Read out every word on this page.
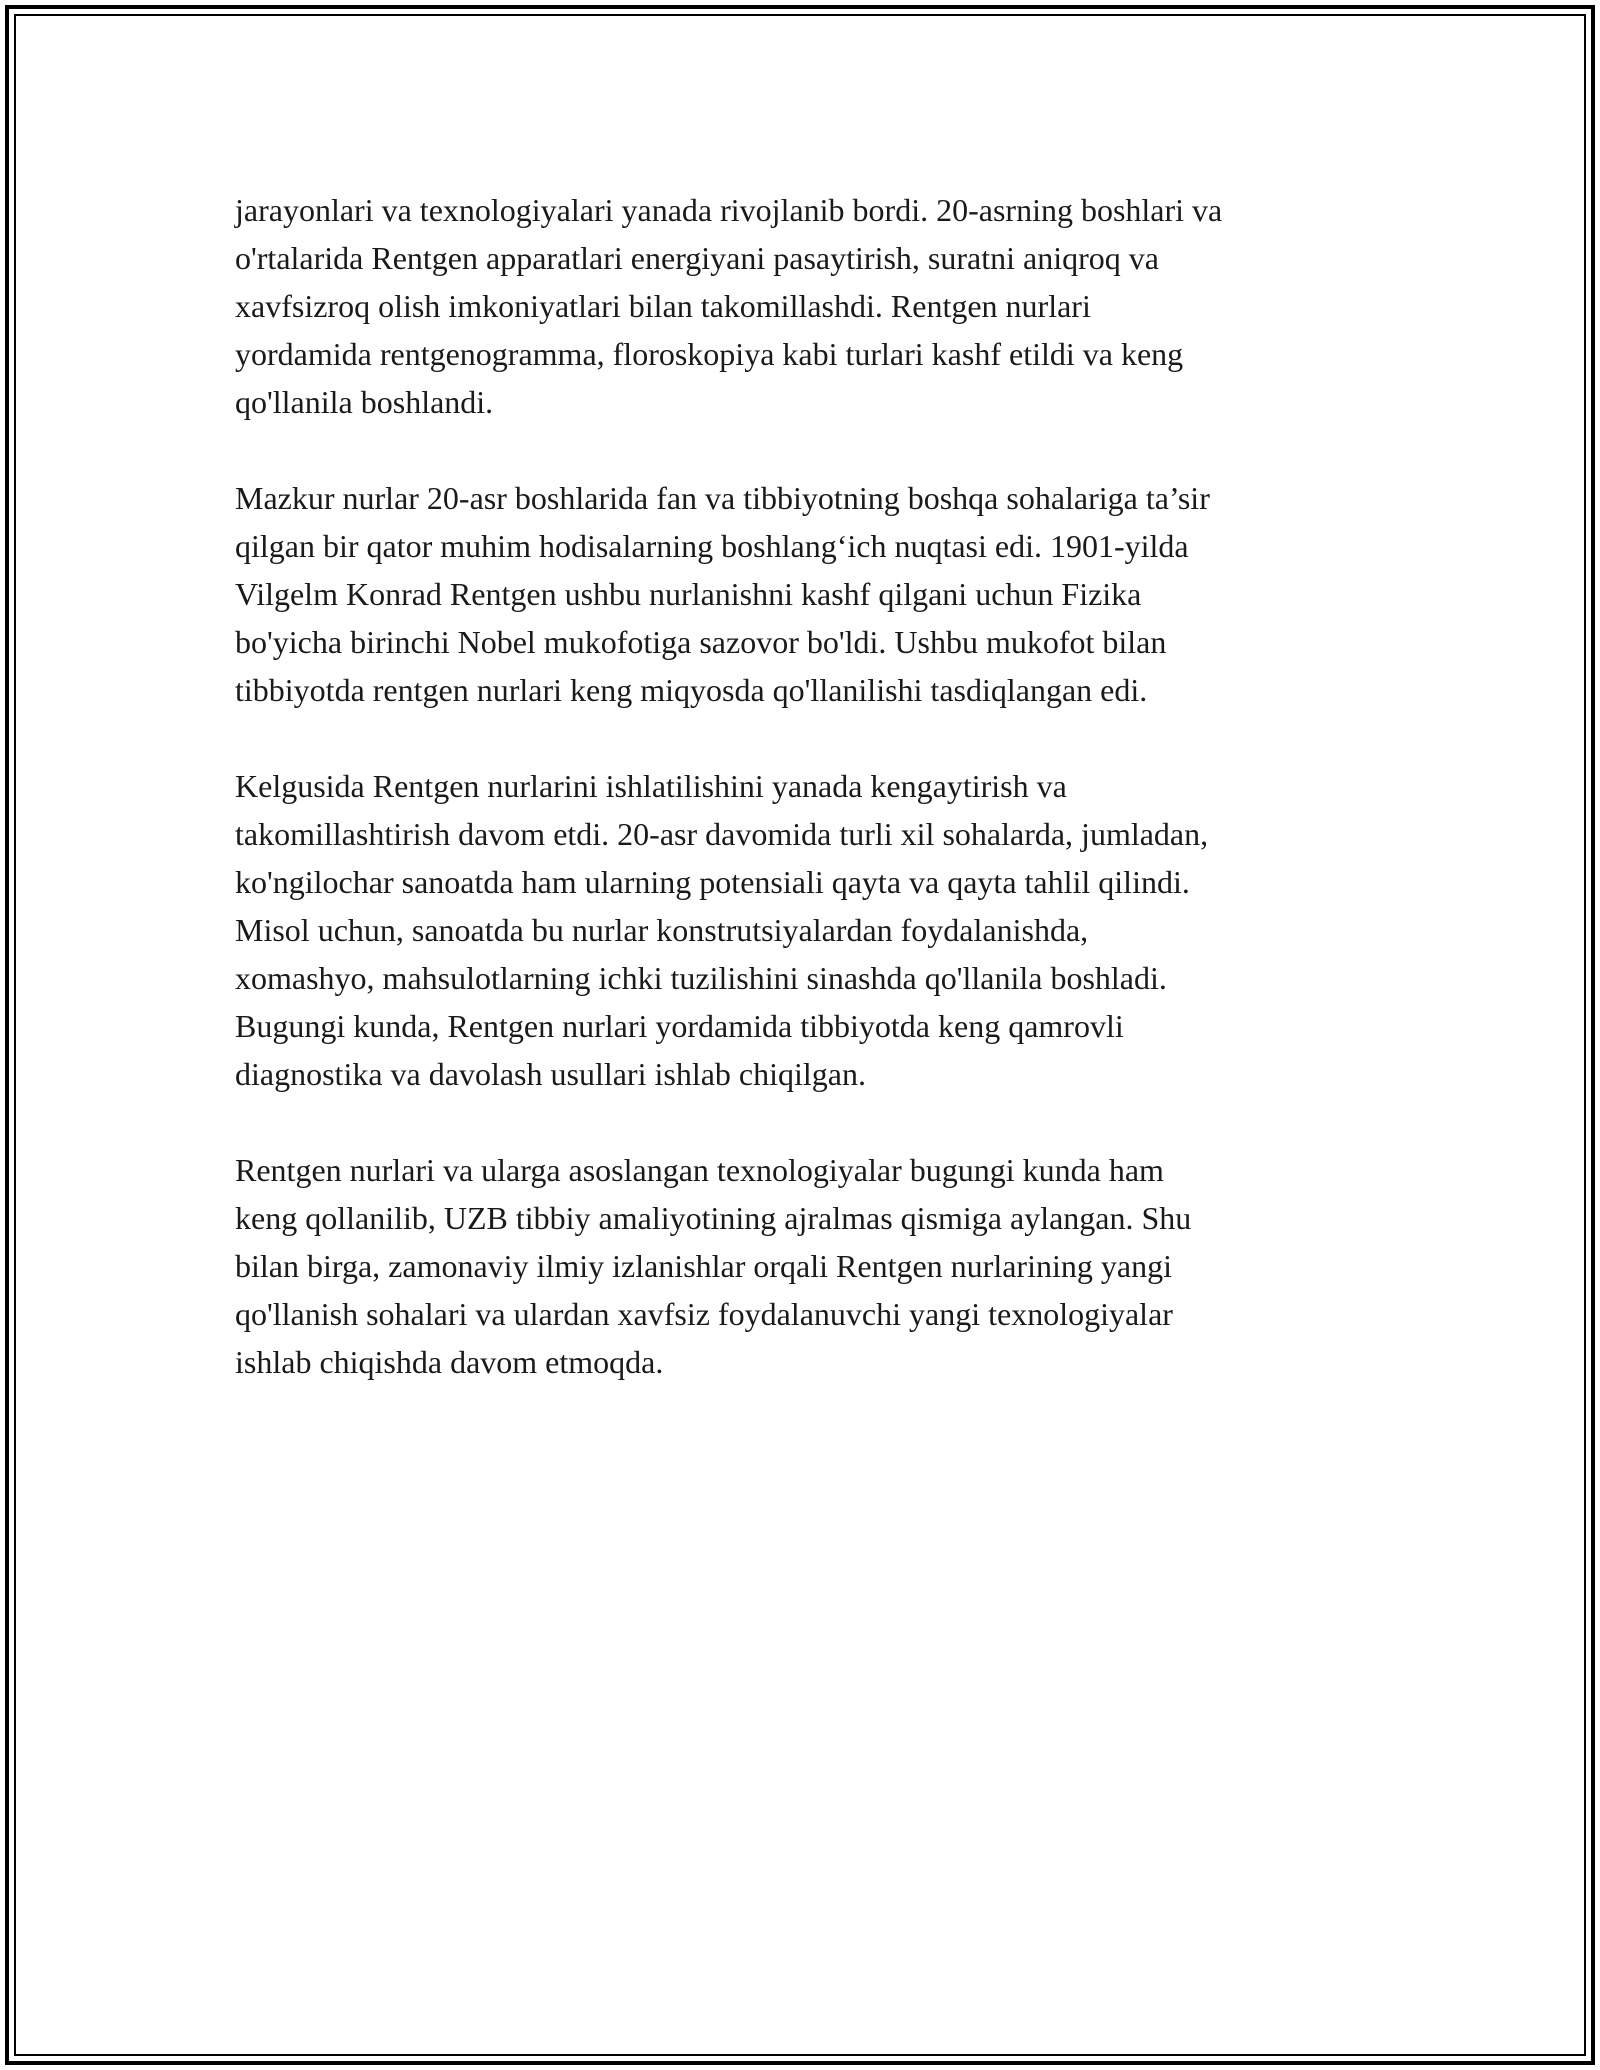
jarayonlari va texnologiyalari yanada rivojlanib bordi. 20-asrning boshlari va
o'rtalarida Rentgen apparatlari energiyani pasaytirish, suratni aniqroq va
xavfsizroq olish imkoniyatlari bilan takomillashdi. Rentgen nurlari
yordamida rentgenogramma, floroskopiya kabi turlari kashf etildi va keng
qo'llanila boshlandi.

Mazkur nurlar 20-asr boshlarida fan va tibbiyotning boshqa sohalariga ta’sir
qilgan bir qator muhim hodisalarning boshlang‘ich nuqtasi edi. 1901-yilda
Vilgelm Konrad Rentgen ushbu nurlanishni kashf qilgani uchun Fizika
bo'yicha birinchi Nobel mukofotiga sazovor bo'ldi. Ushbu mukofot bilan
tibbiyotda rentgen nurlari keng miqyosda qo'llanilishi tasdiqlangan edi.

Kelgusida Rentgen nurlarini ishlatilishini yanada kengaytirish va
takomillashtirish davom etdi. 20-asr davomida turli xil sohalarda, jumladan,
ko'ngilochar sanoatda ham ularning potensiali qayta va qayta tahlil qilindi.
Misol uchun, sanoatda bu nurlar konstrutsiyalardan foydalanishda,
xomashyo, mahsulotlarning ichki tuzilishini sinashda qo'llanila boshladi.
Bugungi kunda, Rentgen nurlari yordamida tibbiyotda keng qamrovli
diagnostika va davolash usullari ishlab chiqilgan.

Rentgen nurlari va ularga asoslangan texnologiyalar bugungi kunda ham
keng qollanilib, UZB tibbiy amaliyotining ajralmas qismiga aylangan. Shu
bilan birga, zamonaviy ilmiy izlanishlar orqali Rentgen nurlarining yangi
qo'llanish sohalari va ulardan xavfsiz foydalanuvchi yangi texnologiyalar
ishlab chiqishda davom etmoqda.
